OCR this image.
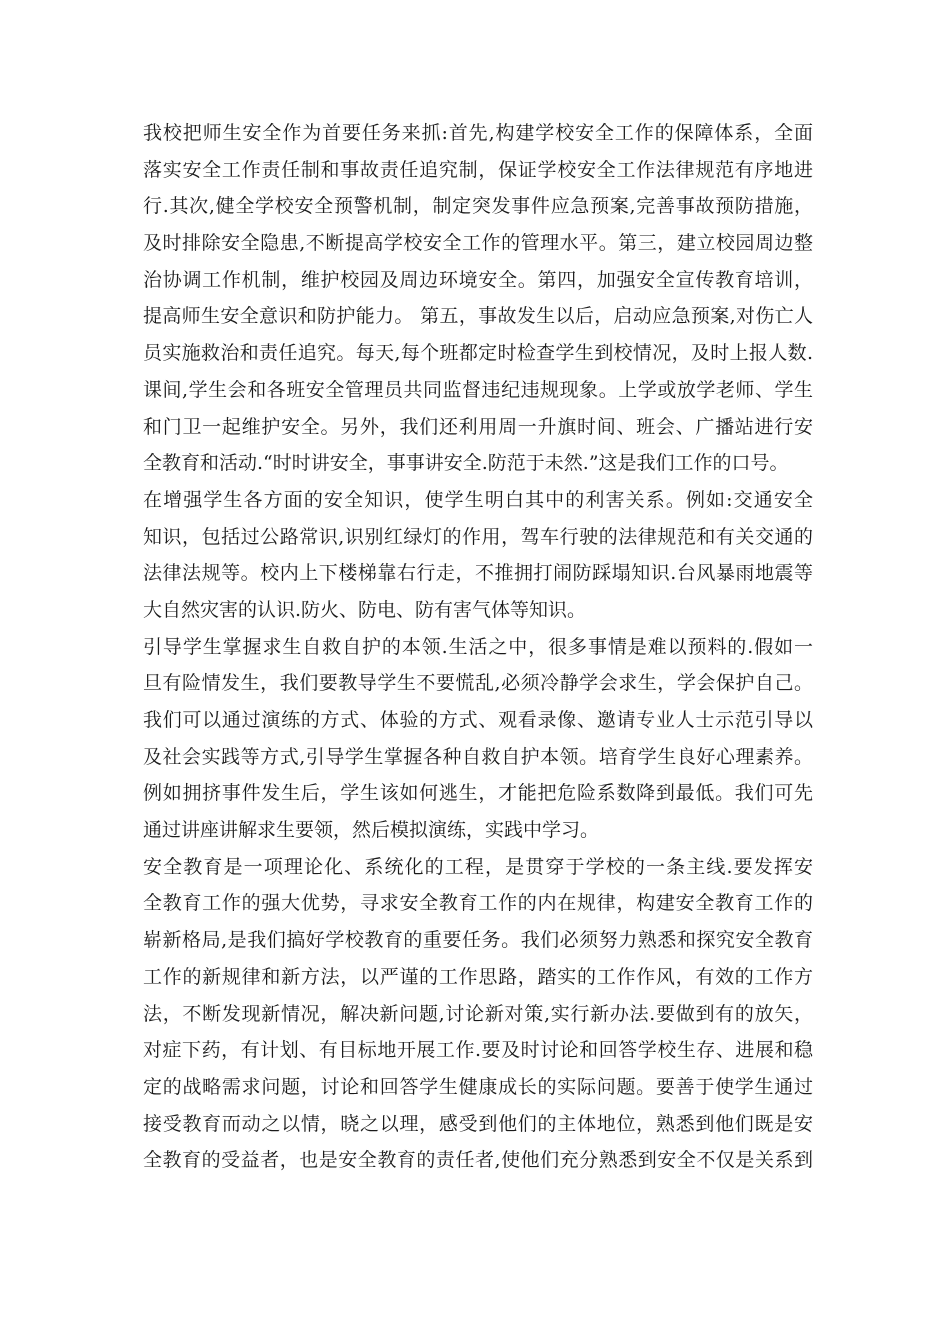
我校把师生安全作为首要任务来抓:首先,构建学校安全工作的保障体系，全面
落实安全工作责任制和事故责任追究制，保证学校安全工作法律规范有序地进
行.其次,健全学校安全预警机制，制定突发事件应急预案,完善事故预防措施，
及时排除安全隐患,不断提高学校安全工作的管理水平。第三，建立校园周边整
治协调工作机制，维护校园及周边环境安全。第四，加强安全宣传教育培训，
提高师生安全意识和防护能力。 第五，事故发生以后，启动应急预案,对伤亡人
员实施救治和责任追究。每天,每个班都定时检查学生到校情况，及时上报人数.
课间,学生会和各班安全管理员共同监督违纪违规现象。上学或放学老师、学生
和门卫一起维护安全。另外，我们还利用周一升旗时间、班会、广播站进行安
全教育和活动.“时时讲安全，事事讲安全.防范于未然.”这是我们工作的口号。
在增强学生各方面的安全知识，使学生明白其中的利害关系。例如:交通安全
知识，包括过公路常识,识别红绿灯的作用，驾车行驶的法律规范和有关交通的
法律法规等。校内上下楼梯靠右行走，不推拥打闹防踩塌知识.台风暴雨地震等
大自然灾害的认识.防火、防电、防有害气体等知识。
引导学生掌握求生自救自护的本领.生活之中，很多事情是难以预料的.假如一
旦有险情发生，我们要教导学生不要慌乱,必须冷静学会求生，学会保护自己。
我们可以通过演练的方式、体验的方式、观看录像、邀请专业人士示范引导以
及社会实践等方式,引导学生掌握各种自救自护本领。培育学生良好心理素养。
例如拥挤事件发生后，学生该如何逃生，才能把危险系数降到最低。我们可先
通过讲座讲解求生要领，然后模拟演练，实践中学习。
安全教育是一项理论化、系统化的工程，是贯穿于学校的一条主线.要发挥安
全教育工作的强大优势，寻求安全教育工作的内在规律，构建安全教育工作的
崭新格局,是我们搞好学校教育的重要任务。我们必须努力熟悉和探究安全教育
工作的新规律和新方法，以严谨的工作思路，踏实的工作作风，有效的工作方
法，不断发现新情况，解决新问题,讨论新对策,实行新办法.要做到有的放矢，
对症下药，有计划、有目标地开展工作.要及时讨论和回答学校生存、进展和稳
定的战略需求问题，讨论和回答学生健康成长的实际问题。要善于使学生通过
接受教育而动之以情，晓之以理，感受到他们的主体地位，熟悉到他们既是安
全教育的受益者，也是安全教育的责任者,使他们充分熟悉到安全不仅是关系到
